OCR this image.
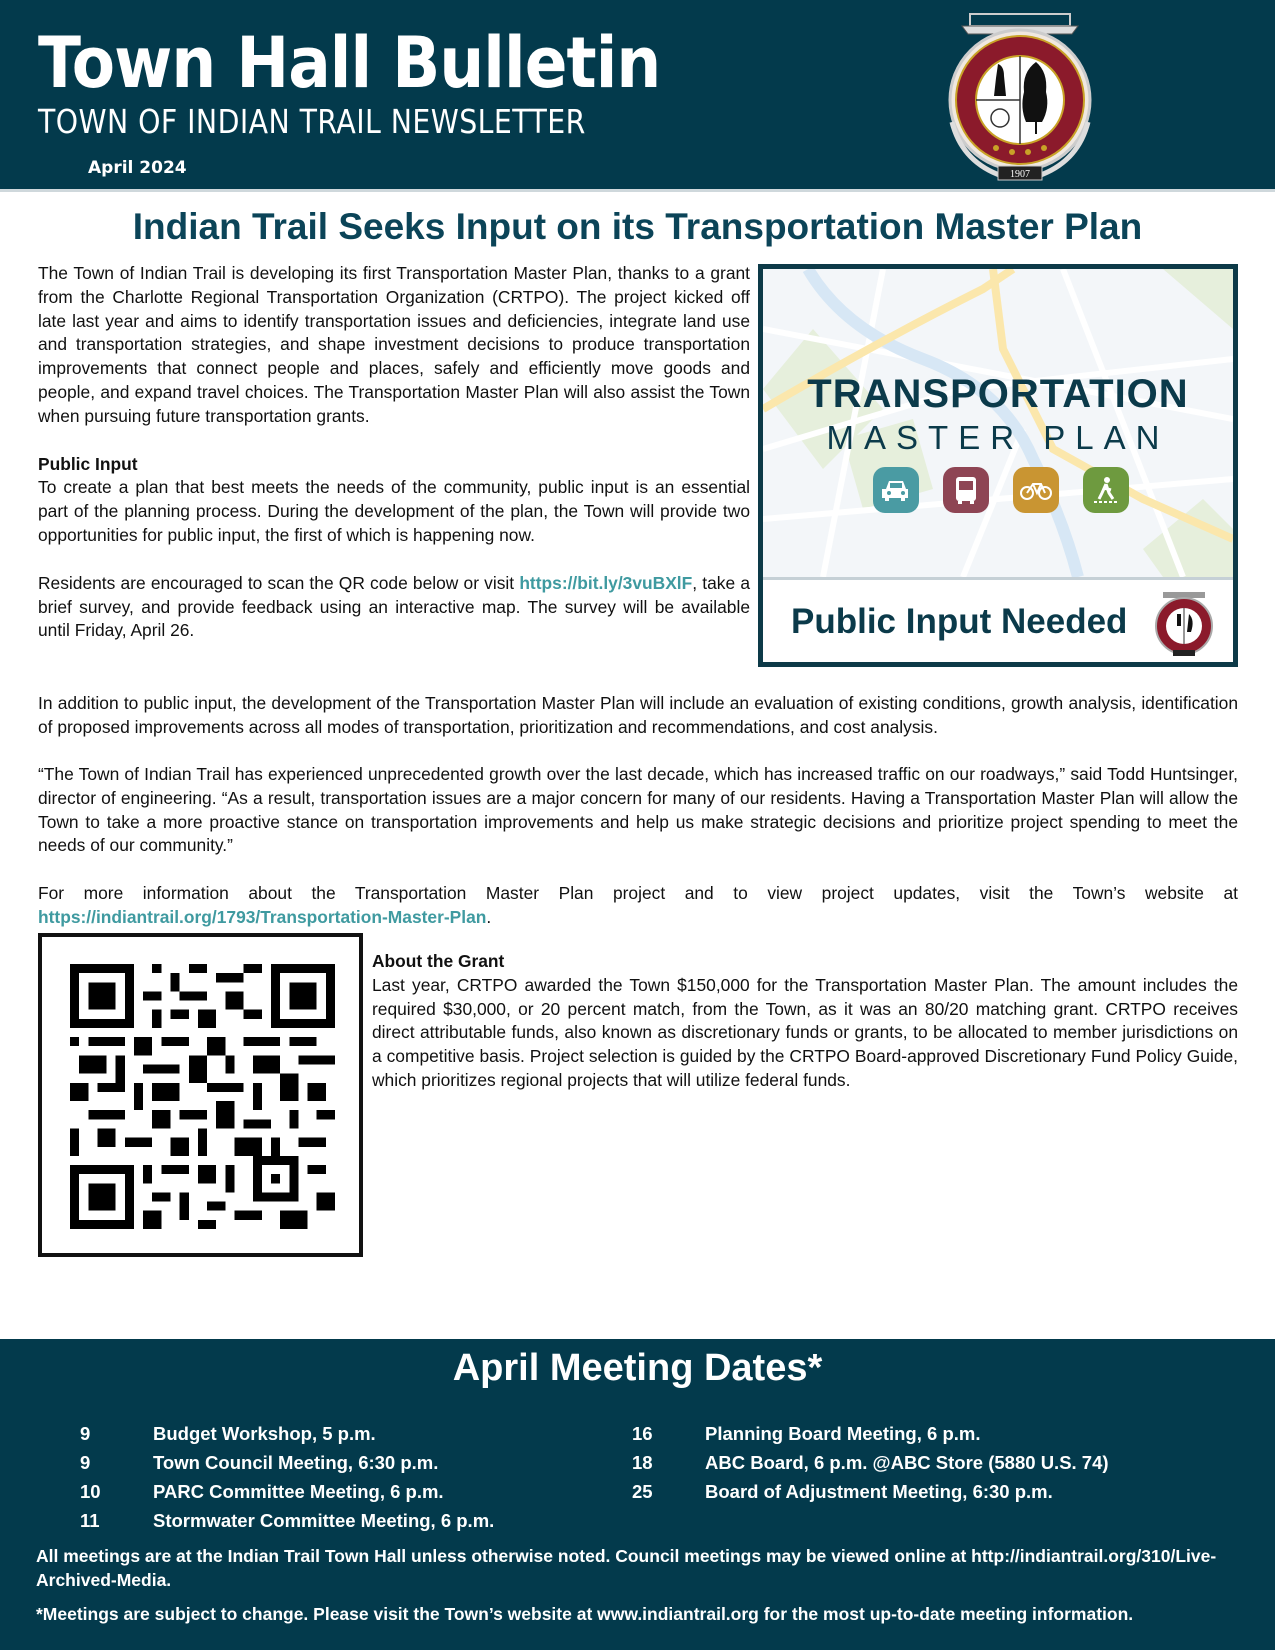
Town Hall Bulletin
TOWN OF INDIAN TRAIL NEWSLETTER
April 2024	1907
Indian Trail Seeks Input on its Transportation Master Plan

The Town of Indian Trail is developing its first Transportation Master Plan, thanks to a grant from the Charlotte Regional Transportation Organization (CRTPO). The project kicked off late last year and aims to identify transportation issues and deficiencies, integrate land use and transportation strategies, and shape investment decisions to produce transportation improvements that connect people and places, safely and efficiently move goods and people, and expand travel choices. The Transportation Master Plan will also assist the Town when pursuing future transportation grants.

Public Input

To create a plan that best meets the needs of the community, public input is an essential part of the planning process. During the development of the plan, the Town will provide two opportunities for public input, the first of which is happening now.

Residents are encouraged to scan the QR code below or visit https://bit.ly/3vuBXlF, take a brief survey, and provide feedback using an interactive map. The survey will be available until Friday, April 26.

TRANSPORTATION
MASTER PLAN
Public Input Needed

In addition to public input, the development of the Transportation Master Plan will include an evaluation of existing conditions, growth analysis, identification of proposed improvements across all modes of transportation, prioritization and recommendations, and cost analysis.

“The Town of Indian Trail has experienced unprecedented growth over the last decade, which has increased traffic on our roadways,” said Todd Huntsinger, director of engineering. “As a result, transportation issues are a major concern for many of our residents. Having a Transportation Master Plan will allow the Town to take a more proactive stance on transportation improvements and help us make strategic decisions and prioritize project spending to meet the needs of our community.”

For more information about the Transportation Master Plan project and to view project updates, visit the Town’s website at https://indiantrail.org/1793/Transportation-Master-Plan.

About the Grant

Last year, CRTPO awarded the Town $150,000 for the Transportation Master Plan. The amount includes the required $30,000, or 20 percent match, from the Town, as it was an 80/20 matching grant. CRTPO receives direct attributable funds, also known as discretionary funds or grants, to be allocated to member jurisdictions on a competitive basis. Project selection is guided by the CRTPO Board-approved Discretionary Fund Policy Guide, which prioritizes regional projects that will utilize federal funds.

April Meeting Dates*
9	Budget Workshop, 5 p.m.
9	Town Council Meeting, 6:30 p.m.
10	PARC Committee Meeting, 6 p.m.
11	Stormwater Committee Meeting, 6 p.m.
16	Planning Board Meeting, 6 p.m.
18	ABC Board, 6 p.m. @ABC Store (5880 U.S. 74)
25	Board of Adjustment Meeting, 6:30 p.m.

All meetings are at the Indian Trail Town Hall unless otherwise noted. Council meetings may be viewed online at http://indiantrail.org/310/Live-Archived-Media.

*Meetings are subject to change. Please visit the Town’s website at www.indiantrail.org for the most up-to-date meeting information.
